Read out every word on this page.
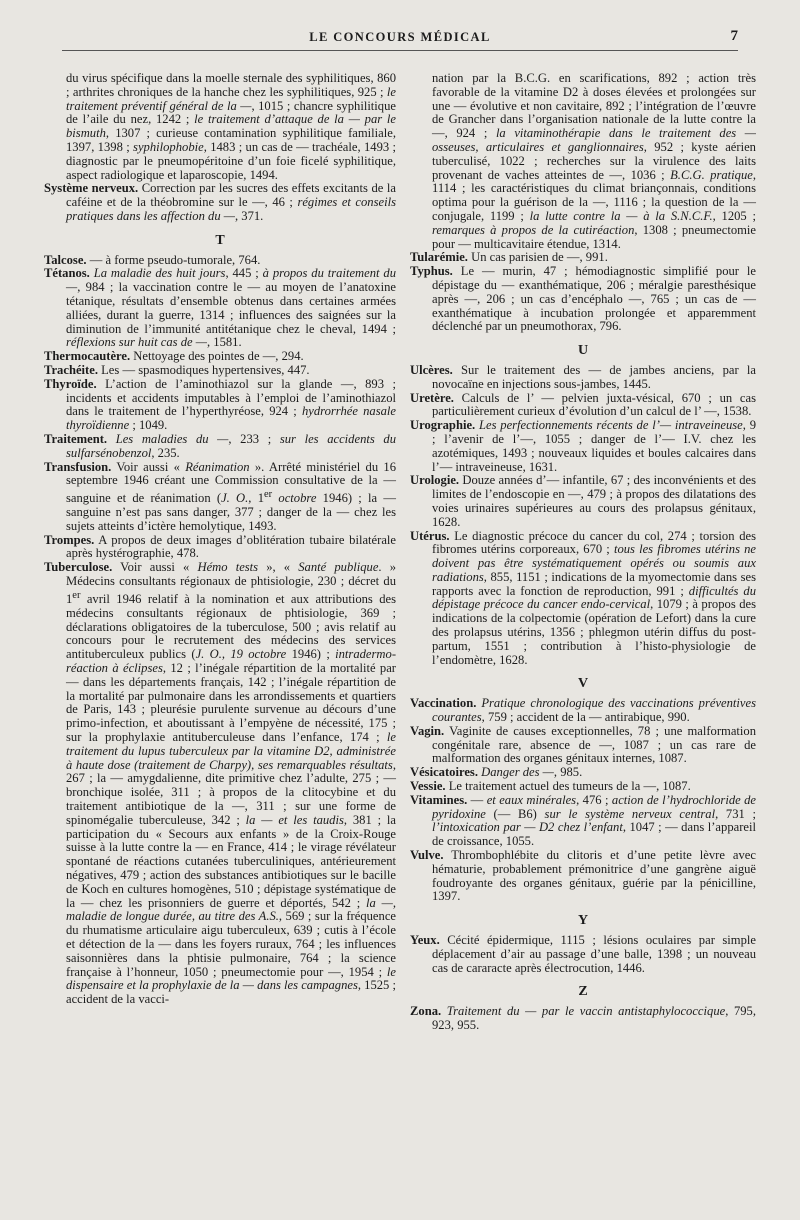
LE CONCOURS MÉDICAL	7
du virus spécifique dans la moelle sternale des syphilitiques, 860 ; arthrites chroniques de la hanche chez les syphilitiques, 925 ; le traitement préventif général de la —, 1015 ; chancre syphilitique de l’aile du nez, 1242 ; le traitement d’attaque de la — par le bismuth, 1307 ; curieuse contamination syphilitique familiale, 1397, 1398 ; syphilophobie, 1483 ; un cas de — trachéale, 1493 ; diagnostic par le pneumopéritoine d’un foie ficelé syphilitique, aspect radiologique et laparoscopie, 1494.
Système nerveux. Correction par les sucres des effets excitants de la caféine et de la théobromine sur le —, 46 ; régimes et conseils pratiques dans les affection du —, 371.
T
Talcose. — à forme pseudo-tumorale, 764.
Tétanos. La maladie des huit jours, 445 ; à propos du traitement du —, 984 ; la vaccination contre le — au moyen de l’anatoxine tétanique, résultats d’ensemble obtenus dans certaines armées alliées, durant la guerre, 1314 ; influences des saignées sur la diminution de l’immunité antitétanique chez le cheval, 1494 ; réflexions sur huit cas de —, 1581.
Thermocautère. Nettoyage des pointes de —, 294.
Trachéite. Les — spasmodiques hypertensives, 447.
Thyroïde. L’action de l’aminothiazol sur la glande —, 893 ; incidents et accidents imputables à l’emploi de l’aminothiazol dans le traitement de l’hyperthyréose, 924 ; hydrorrhée nasale thyroïdienne ; 1049.
Traitement. Les maladies du —, 233 ; sur les accidents du sulfarsénobenzol, 235.
Transfusion. Voir aussi « Réanimation ». Arrêté ministériel du 16 septembre 1946 créant une Commission consultative de la — sanguine et de réanimation (J. O., 1er octobre 1946) ; la — sanguine n’est pas sans danger, 377 ; danger de la — chez les sujets atteints d’ictère hemolytique, 1493.
Trompes. A propos de deux images d’oblitération tubaire bilatérale après hystérographie, 478.
Tuberculose. Voir aussi « Hémo tests », « Santé publique. » Médecins consultants régionaux de phtisiologie, 230 ; décret du 1er avril 1946 relatif à la nomination et aux attributions des médecins consultants régionaux de phtisiologie, 369 ; déclarations obligatoires de la tuberculose, 500 ; avis relatif au concours pour le recrutement des médecins des services antituberculeux publics (J. O., 19 octobre 1946) ; intradermo-réaction à éclipses, 12 ; l’inégale répartition de la mortalité par — dans les départements français, 142 ; l’inégale répartition de la mortalité par pulmonaire dans les arrondissements et quartiers de Paris, 143 ; pleurésie purulente survenue au décours d’une primo-infection, et aboutissant à l’empyène de nécessité, 175 ; sur la prophylaxie antituberculeuse dans l’enfance, 174 ; le traitement du lupus tuberculeux par la vitamine D2, administrée à haute dose (traitement de Charpy), ses remarquables résultats, 267 ; la — amygdalienne, dite primitive chez l’adulte, 275 ; — bronchique isolée, 311 ; à propos de la clitocybine et du traitement antibiotique de la —, 311 ; sur une forme de spinomégalie tuberculeuse, 342 ; la — et les taudis, 381 ; la participation du « Secours aux enfants » de la Croix-Rouge suisse à la lutte contre la — en France, 414 ; le virage révélateur spontané de réactions cutanées tuberculiniques, antérieurement négatives, 479 ; action des substances antibiotiques sur le bacille de Koch en cultures homogènes, 510 ; dépistage systématique de la — chez les prisonniers de guerre et déportés, 542 ; la —, maladie de longue durée, au titre des A.S., 569 ; sur la fréquence du rhumatisme articulaire aigu tuberculeux, 639 ; cutis à l’école et détection de la — dans les foyers ruraux, 764 ; les influences saisonnières dans la phtisie pulmonaire, 764 ; la science française à l’honneur, 1050 ; pneumectomie pour —, 1954 ; le dispensaire et la prophylaxie de la — dans les campagnes, 1525 ; accident de la vacci-
nation par la B.C.G. en scarifications, 892 ; action très favorable de la vitamine D2 à doses élevées et prolongées sur une — évolutive et non cavitaire, 892 ; l’intégration de l’œuvre de Grancher dans l’organisation nationale de la lutte contre la —, 924 ; la vitaminothérapie dans le traitement des — osseuses, articulaires et ganglionnaires, 952 ; kyste aérien tuberculisé, 1022 ; recherches sur la virulence des laits provenant de vaches atteintes de —, 1036 ; B.C.G. pratique, 1114 ; les caractéristiques du climat briançonnais, conditions optima pour la guérison de la —, 1116 ; la question de la — conjugale, 1199 ; la lutte contre la — à la S.N.C.F., 1205 ; remarques à propos de la cutiréaction, 1308 ; pneumectomie pour — multicavitaire étendue, 1314.
Tularémie. Un cas parisien de —, 991.
Typhus. Le — murin, 47 ; hémodiagnostic simplifié pour le dépistage du — exanthématique, 206 ; méralgie paresthésique après —, 206 ; un cas d’encéphalo —, 765 ; un cas de — exanthématique à incubation prolongée et apparemment déclenché par un pneumothorax, 796.
U
Ulcères. Sur le traitement des — de jambes anciens, par la novocaïne en injections sous-jambes, 1445.
Uretère. Calculs de l’ — pelvien juxta-vésical, 670 ; un cas particulièrement curieux d’évolution d’un calcul de l’ —, 1538.
Urographie. Les perfectionnements récents de l’— intraveineuse, 9 ; l’avenir de l’—, 1055 ; danger de l’— I.V. chez les azotémiques, 1493 ; nouveaux liquides et boules calcaires dans l’— intraveineuse, 1631.
Urologie. Douze années d’— infantile, 67 ; des inconvénients et des limites de l’endoscopie en —, 479 ; à propos des dilatations des voies urinaires supérieures au cours des prolapsus génitaux, 1628.
Utérus. Le diagnostic précoce du cancer du col, 274 ; torsion des fibromes utérins corporeaux, 670 ; tous les fibromes utérins ne doivent pas être systématiquement opérés ou soumis aux radiations, 855, 1151 ; indications de la myomectomie dans ses rapports avec la fonction de reproduction, 991 ; difficultés du dépistage précoce du cancer endo-cervical, 1079 ; à propos des indications de la colpectomie (opération de Lefort) dans la cure des prolapsus utérins, 1356 ; phlegmon utérin diffus du post-partum, 1551 ; contribution à l’histo-physiologie de l’endomètre, 1628.
V
Vaccination. Pratique chronologique des vaccinations préventives courantes, 759 ; accident de la — antirabique, 990.
Vagin. Vaginite de causes exceptionnelles, 78 ; une malformation congénitale rare, absence de —, 1087 ; un cas rare de malformation des organes génitaux internes, 1087.
Vésicatoires. Danger des —, 985.
Vessie. Le traitement actuel des tumeurs de la —, 1087.
Vitamines. — et eaux minérales, 476 ; action de l’hydrochloride de pyridoxine (— B6) sur le système nerveux central, 731 ; l’intoxication par — D2 chez l’enfant, 1047 ; — dans l’appareil de croissance, 1055.
Vulve. Thrombophlébite du clitoris et d’une petite lèvre avec hématurie, probablement prémonitrice d’une gangrène aiguë foudroyante des organes génitaux, guérie par la pénicilline, 1397.
Y
Yeux. Cécité épidermique, 1115 ; lésions oculaires par simple déplacement d’air au passage d’une balle, 1398 ; un nouveau cas de cararacte après électrocution, 1446.
Z
Zona. Traitement du — par le vaccin antistaphylococcique, 795, 923, 955.
